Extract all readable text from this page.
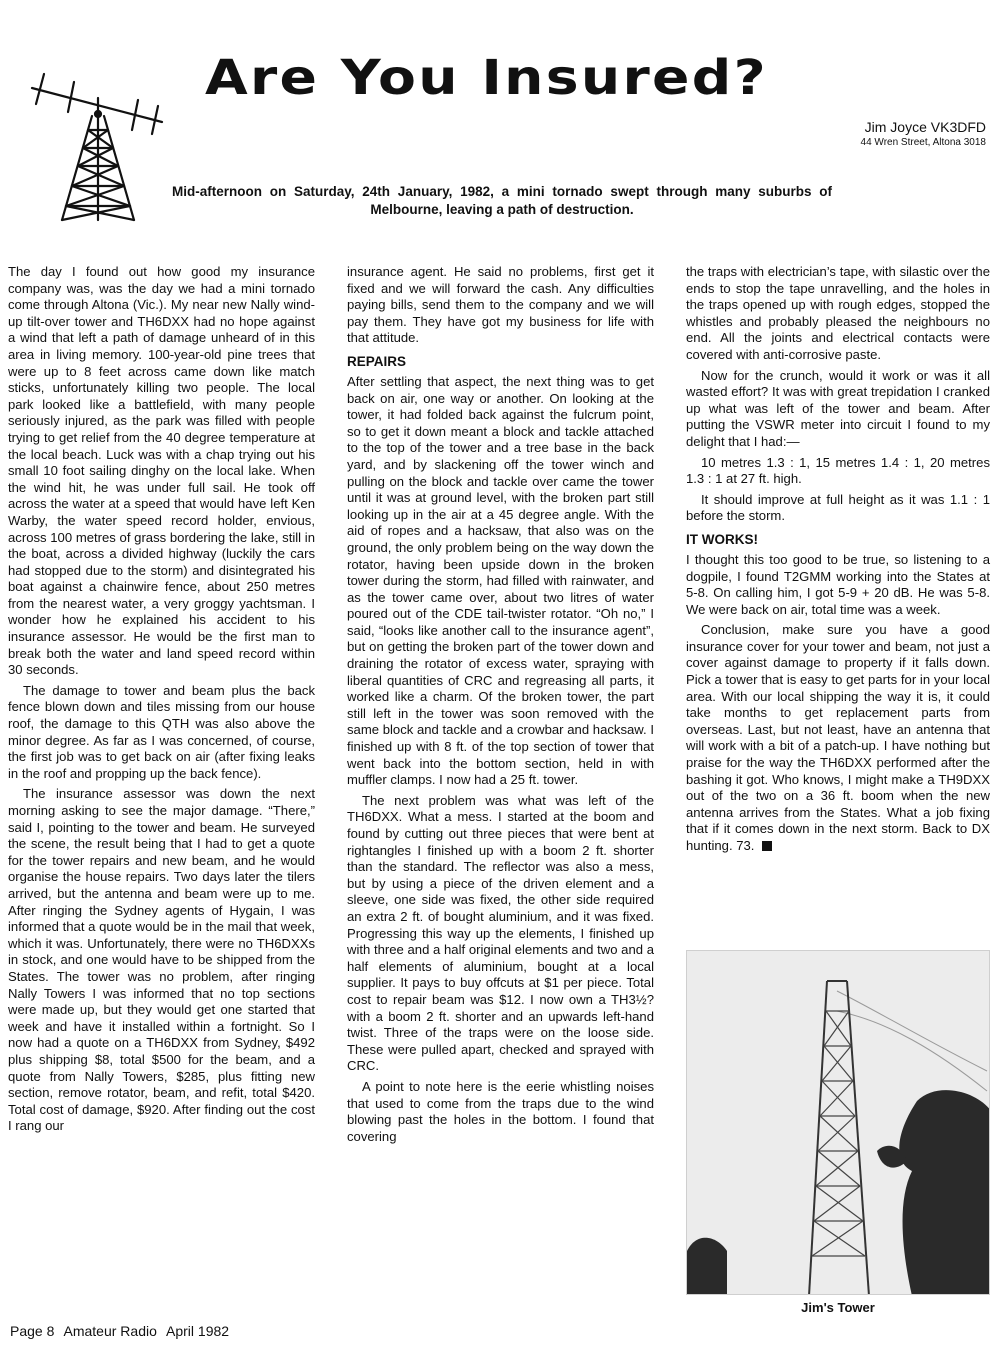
Are You Insured?
Jim Joyce VK3DFD
44 Wren Street, Altona 3018

Mid-afternoon on Saturday, 24th January, 1982, a mini tornado swept through many suburbs of Melbourne, leaving a path of destruction.

The day I found out how good my insurance company was, was the day we had a mini tornado come through Altona (Vic.). My near new Nally wind-up tilt-over tower and TH6DXX had no hope against a wind that left a path of damage unheard of in this area in living memory. 100-year-old pine trees that were up to 8 feet across came down like match sticks, unfortunately killing two people. The local park looked like a battlefield, with many people seriously injured, as the park was filled with people trying to get relief from the 40 degree temperature at the local beach. Luck was with a chap trying out his small 10 foot sailing dinghy on the local lake. When the wind hit, he was under full sail. He took off across the water at a speed that would have left Ken Warby, the water speed record holder, envious, across 100 metres of grass bordering the lake, still in the boat, across a divided highway (luckily the cars had stopped due to the storm) and disintegrated his boat against a chainwire fence, about 250 metres from the nearest water, a very groggy yachtsman. I wonder how he explained his accident to his insurance assessor. He would be the first man to break both the water and land speed record within 30 seconds.

The damage to tower and beam plus the back fence blown down and tiles missing from our house roof, the damage to this QTH was also above the minor degree. As far as I was concerned, of course, the first job was to get back on air (after fixing leaks in the roof and propping up the back fence).

The insurance assessor was down the next morning asking to see the major damage. “There,” said I, pointing to the tower and beam. He surveyed the scene, the result being that I had to get a quote for the tower repairs and new beam, and he would organise the house repairs. Two days later the tilers arrived, but the antenna and beam were up to me. After ringing the Sydney agents of Hygain, I was informed that a quote would be in the mail that week, which it was. Unfortunately, there were no TH6DXXs in stock, and one would have to be shipped from the States. The tower was no problem, after ringing Nally Towers I was informed that no top sections were made up, but they would get one started that week and have it installed within a fortnight. So I now had a quote on a TH6DXX from Sydney, $492 plus shipping $8, total $500 for the beam, and a quote from Nally Towers, $285, plus fitting new section, remove rotator, beam, and refit, total $420. Total cost of damage, $920. After finding out the cost I rang our

insurance agent. He said no problems, first get it fixed and we will forward the cash. Any difficulties paying bills, send them to the company and we will pay them. They have got my business for life with that attitude.

REPAIRS

After settling that aspect, the next thing was to get back on air, one way or another. On looking at the tower, it had folded back against the fulcrum point, so to get it down meant a block and tackle attached to the top of the tower and a tree base in the back yard, and by slackening off the tower winch and pulling on the block and tackle over came the tower until it was at ground level, with the broken part still looking up in the air at a 45 degree angle. With the aid of ropes and a hacksaw, that also was on the ground, the only problem being on the way down the rotator, having been upside down in the broken tower during the storm, had filled with rainwater, and as the tower came over, about two litres of water poured out of the CDE tail-twister rotator. “Oh no,” I said, “looks like another call to the insurance agent”, but on getting the broken part of the tower down and draining the rotator of excess water, spraying with liberal quantities of CRC and regreasing all parts, it worked like a charm. Of the broken tower, the part still left in the tower was soon removed with the same block and tackle and a crowbar and hacksaw. I finished up with 8 ft. of the top section of tower that went back into the bottom section, held in with muffler clamps. I now had a 25 ft. tower.

The next problem was what was left of the TH6DXX. What a mess. I started at the boom and found by cutting out three pieces that were bent at rightangles I finished up with a boom 2 ft. shorter than the standard. The reflector was also a mess, but by using a piece of the driven element and a sleeve, one side was fixed, the other side required an extra 2 ft. of bought aluminium, and it was fixed. Progressing this way up the elements, I finished up with three and a half original elements and two and a half elements of aluminium, bought at a local supplier. It pays to buy offcuts at $1 per piece. Total cost to repair beam was $12. I now own a TH3½? with a boom 2 ft. shorter and an upwards left-hand twist. Three of the traps were on the loose side. These were pulled apart, checked and sprayed with CRC.

A point to note here is the eerie whistling noises that used to come from the traps due to the wind blowing past the holes in the bottom. I found that covering

the traps with electrician’s tape, with silastic over the ends to stop the tape unravelling, and the holes in the traps opened up with rough edges, stopped the whistles and probably pleased the neighbours no end. All the joints and electrical contacts were covered with anti-corrosive paste.

Now for the crunch, would it work or was it all wasted effort? It was with great trepidation I cranked up what was left of the tower and beam. After putting the VSWR meter into circuit I found to my delight that I had:—

10 metres 1.3 : 1, 15 metres 1.4 : 1, 20 metres 1.3 : 1 at 27 ft. high.

It should improve at full height as it was 1.1 : 1 before the storm.

IT WORKS!

I thought this too good to be true, so listening to a dogpile, I found T2GMM working into the States at 5-8. On calling him, I got 5-9 + 20 dB. He was 5-8. We were back on air, total time was a week.

Conclusion, make sure you have a good insurance cover for your tower and beam, not just a cover against damage to property if it falls down. Pick a tower that is easy to get parts for in your local area. With our local shipping the way it is, it could take months to get replacement parts from overseas. Last, but not least, have an antenna that will work with a bit of a patch-up. I have nothing but praise for the way the TH6DXX performed after the bashing it got. Who knows, I might make a TH9DXX out of the two on a 36 ft. boom when the new antenna arrives from the States. What a job fixing that if it comes down in the next storm. Back to DX hunting. 73.

Jim's Tower
Page 8 Amateur Radio April 1982
